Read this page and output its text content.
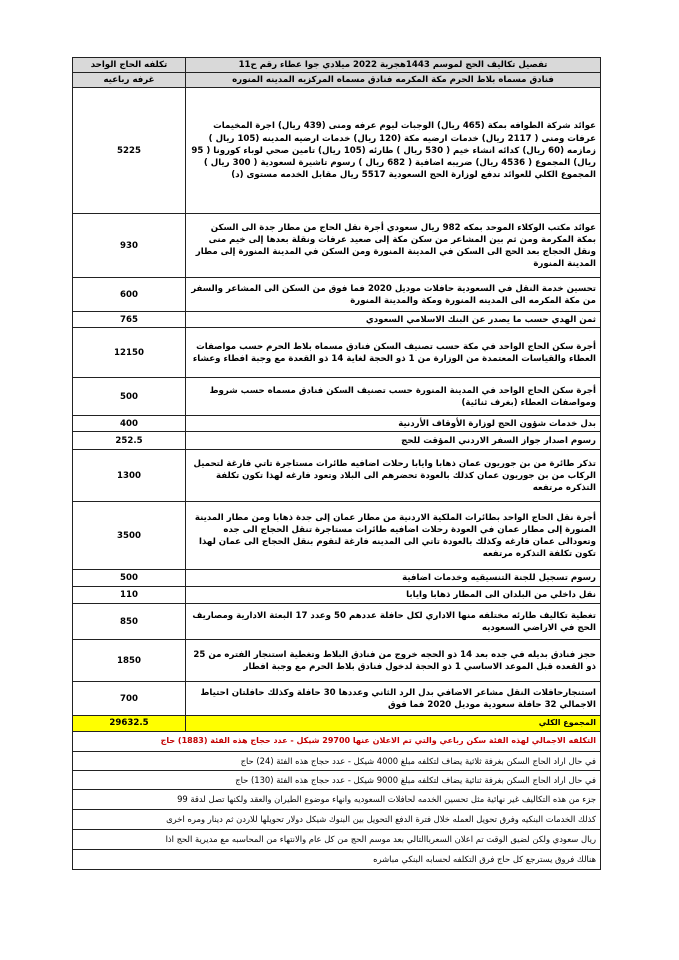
تفصيل تكاليف الحج لموسم 1443هجرية 2022 ميلادي جوا عطاء رقم ح11	تكلفه الحاج الواحد
فنادق مسماه بلاط الحرم مكة المكرمه فنادق مسماه المركزيه المدينه المنوره	غرفه رباعيه
عوائد شركة الطوافه بمكة (465 ريال) الوجبات ليوم عرفه ومنى (439 ريال) اجرة المخيمات عرفات ومنى ( 2117 ريال) خدمات ارضيه مكة (120 ريال) خدمات ارضيه المدينه (105 ريال ) زمازمه (60 ريال) كدائه انشاء خيم ( 530 ريال ) طارئه (105 ريال) تامين صحي لوباء كورونا ( 95 ريال) المجموع ( 4536 ريال) ضريبه اضافية ( 682 ريال ) رسوم تاشيرة لسعودية ( 300 ريال ) المجموع الكلي للعوائد تدفع لوزارة الحج السعودية 5517 ريال مقابل الخدمه مستوى (د)	5225
عوائد مكتب الوكلاء الموحد بمكه 982 ريال سعودي أجرة نقل الحاج من مطار جدة الى السكن بمكة المكرمة ومن ثم بين المشاعر من سكن مكة إلى صعيد عرفات ونقلة بعدها إلى خيم منى ونقل الحجاج بعد الحج الى السكن في المدينة المنورة ومن السكن في المدينة المنورة إلى مطار المدينة المنورة	930
تحسين خدمة النقل في السعودية حافلات موديل 2020 فما فوق من السكن الى المشاعر والسفر من مكة المكرمه الى المدينه المنورة ومكة والمدينة المنورة	600
ثمن الهدي حسب ما يصدر عن البنك الاسلامي السعودي	765
أجرة سكن الحاج الواحد في مكة حسب تصنيف السكن فنادق مسماه بلاط الحرم حسب مواصفات العطاء والقياسات المعتمدة من الوزارة من 1 ذو الحجة لغاية 14 ذو القعدة مع وجبة افطاء وعشاء	12150
أجرة سكن الحاج الواحد في المدينة المنورة حسب تصنيف السكن فنادق مسماه حسب شروط ومواصفات العطاء (بغرف ثنائية)	500
بدل خدمات شؤون الحج لوزارة الأوقاف الأردنية	400
رسوم اصدار جواز السفر الاردني المؤقت للحج	252.5
تذكر طائرة من بن جوريون عمان ذهابا وايابا رحلات اضافيه طائرات مستاجرة تاتي فارغة لتحميل الركاب من بن جوريون عمان كذلك بالعودة تحضرهم الى البلاد وتعود فارغه لهذا تكون تكلفة التذكره مرتفعه	1300
أجرة نقل الحاج الواحد بطائرات الملكية الاردنية من مطار عمان إلى جدة ذهابا ومن مطار المدينة المنورة إلى مطار عمان في العودة رحلات اضافيه طائرات مستاجرة تنقل الحجاج الى جده وتعودالى عمان فارغه وكذلك بالعودة تاتي الى المدينه فارغة لتقوم بنقل الحجاج الى عمان لهذا تكون تكلفة التذكره مرتفعه	3500
رسوم تسجيل للجنة التنسيقيه وخدمات اضافية	500
نقل داخلي من البلدان الى المطار ذهابا وايابا	110
تغطية تكاليف طارئه مختلفه منها الاداري لكل حافلة عددهم 50 وعدد 17 البعثة الادارية ومصاريف الحج في الاراضي السعوديه	850
حجز فنادق بديله في جده بعد 14 ذو الحجه خروج من فنادق البلاط وتغطية استنجار الفتره من 25 ذو القعده قبل الموعد الاساسي 1 ذو الحجة لدخول فنادق بلاط الحرم مع وجبة افطار	1850
استنجارحافلات النقل مشاعر الاضافي بدل الرد الثاني وعددها 30 حافلة وكذلك حافلتان احتياط الاجمالي 32 حافلة سعودية موديل 2020 فما فوق	700
المجموع الكلي	29632.5
التكلفه الاجمالي لهذه الفئة سكن رباعي والتي تم الاعلان عنها 29700 شيكل - عدد حجاج هذه الفئة (1883) حاج	
في حال اراد الحاج السكن بغرفة ثلاثية يضاف لتكلفه مبلغ 4000 شيكل - عدد حجاج هذه الفئة (24) حاج	
في حال اراد الحاج السكن بغرفة ثنائية يضاف لتكلفه مبلغ 9000 شيكل - عدد حجاج هذه الفئة (130) حاج	
جزء من هذه التكاليف غير نهائية مثل تحسين الخدمه لحافلات السعوديه وانهاء موضوع الطيران والعقد ولكنها تصل لدقة 99	
كذلك الخدمات البنكيه وفرق تحويل العمله خلال فترة الدفع التحويل بين البنوك شيكل دولار تحويلها للاردن ثم دينار ومره اخرى	
ريال سعودي ولكن لضيق الوقت تم اعلان السعرباالتالي بعد موسم الحج من كل عام والانتهاء من المحاسبه مع مديرية الحج اذا	
هنالك فروق يسترجع كل حاج فرق التكلفه لحسابه البنكي مباشره	
